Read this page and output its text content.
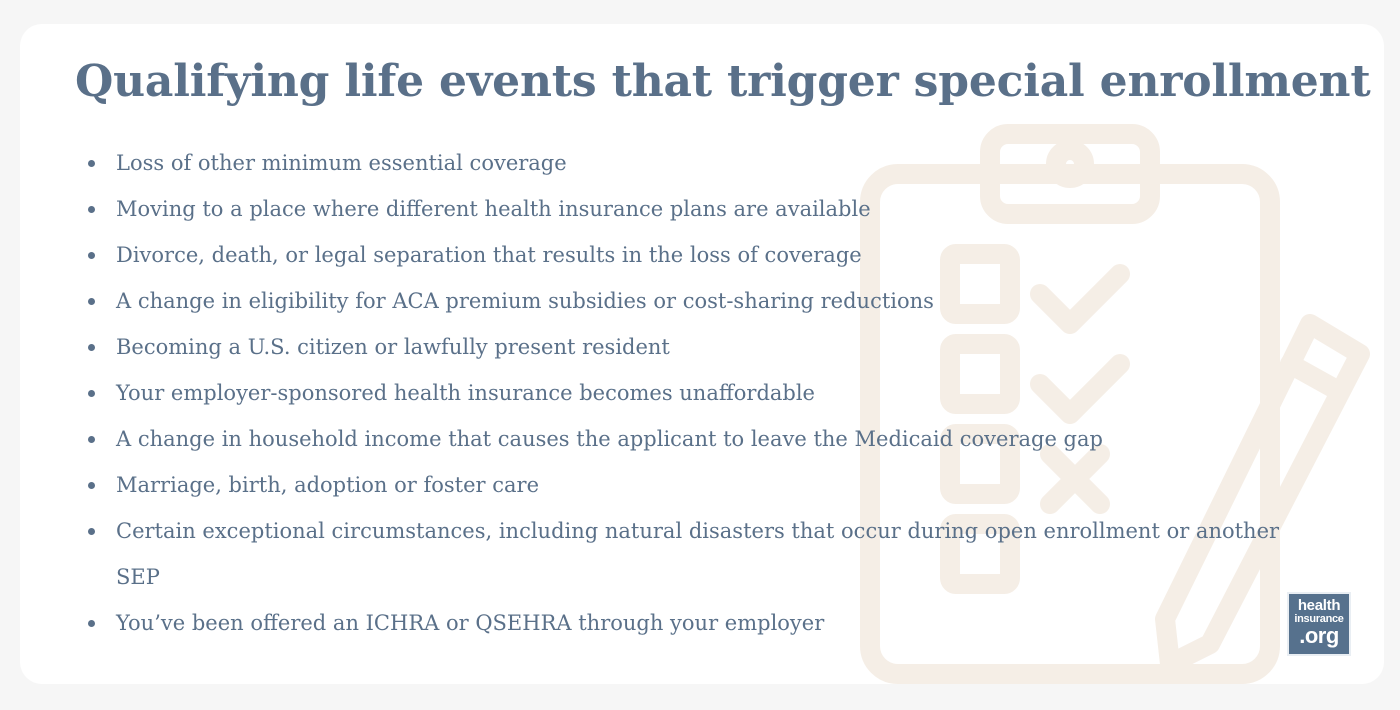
Qualifying life events that trigger special enrollment
Loss of other minimum essential coverage
Moving to a place where different health insurance plans are available
Divorce, death, or legal separation that results in the loss of coverage
A change in eligibility for ACA premium subsidies or cost-sharing reductions
Becoming a U.S. citizen or lawfully present resident
Your employer-sponsored health insurance becomes unaffordable
A change in household income that causes the applicant to leave the Medicaid coverage gap
Marriage, birth, adoption or foster care
Certain exceptional circumstances, including natural disasters that occur during open enrollment or another SEP
You’ve been offered an ICHRA or QSEHRA through your employer
health
insurance
.org
